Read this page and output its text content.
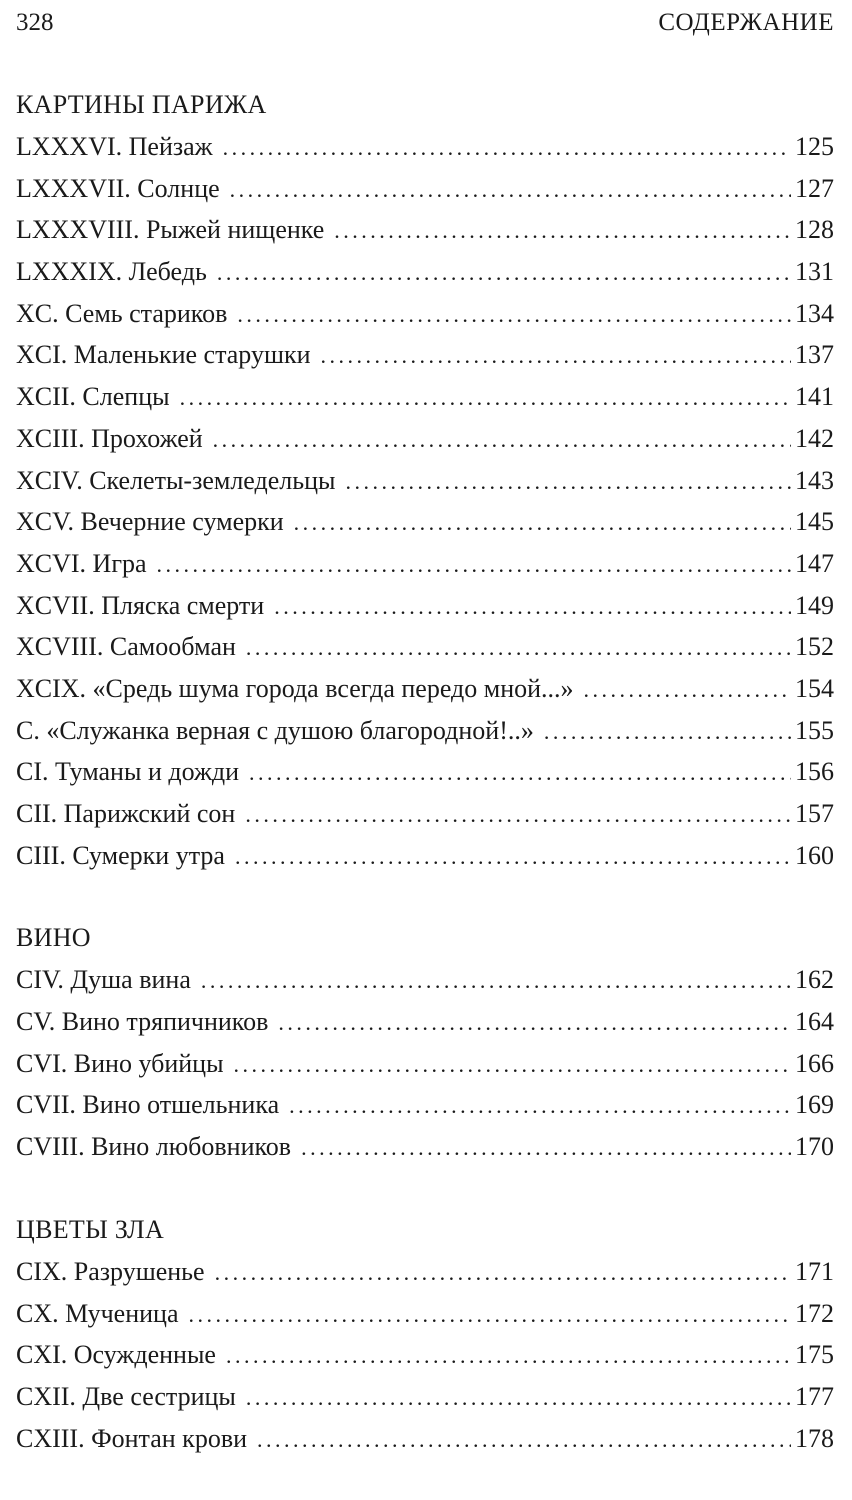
328	СОДЕРЖАНИЕ
КАРТИНЫ ПАРИЖА
LXXXVI. Пейзаж . . .	125
LXXXVII. Солнце . . .	127
LXXXVIII. Рыжей нищенке . . .	128
LXXXIX. Лебедь . . .	131
XC. Семь стариков . . .	134
XCI. Маленькие старушки . . .	137
XCII. Слепцы . . .	141
XCIII. Прохожей . . .	142
XCIV. Скелеты-земледельцы . . .	143
XCV. Вечерние сумерки . . .	145
XCVI. Игра . . .	147
XCVII. Пляска смерти . . .	149
XCVIII. Самообман . . .	152
XCIX. «Средь шума города всегда передо мной...» . . .	154
C. «Служанка верная с душою благородной!..» . . .	155
CI. Туманы и дожди . . .	156
CII. Парижский сон . . .	157
CIII. Сумерки утра . . .	160
ВИНО
CIV. Душа вина . . .	162
CV. Вино тряпичников . . .	164
CVI. Вино убийцы . . .	166
CVII. Вино отшельника . . .	169
CVIII. Вино любовников . . .	170
ЦВЕТЫ ЗЛА
CIX. Разрушенье . . .	171
CX. Мученица . . .	172
CXI. Осужденные . . .	175
CXII. Две сестрицы . . .	177
CXIII. Фонтан крови . . .	178
